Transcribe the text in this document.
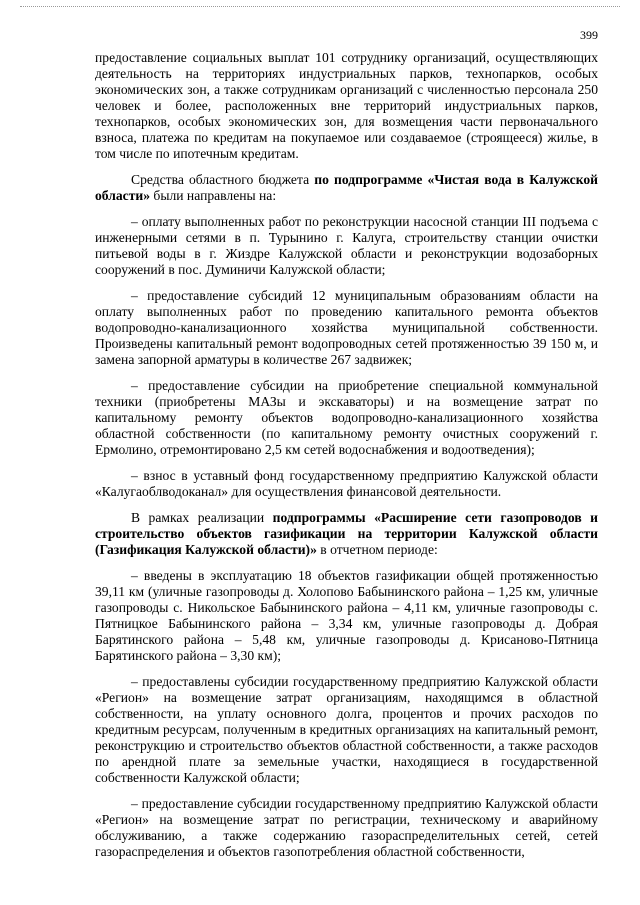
399

предоставление социальных выплат 101 сотруднику организаций, осуществляющих деятельность на территориях индустриальных парков, технопарков, особых экономических зон, а также сотрудникам организаций с численностью персонала 250 человек и более, расположенных вне территорий индустриальных парков, технопарков, особых экономических зон, для возмещения части первоначального взноса, платежа по кредитам на покупаемое или создаваемое (строящееся) жилье, в том числе по ипотечным кредитам.

Средства областного бюджета по подпрограмме «Чистая вода в Калужской области» были направлены на:

– оплату выполненных работ по реконструкции насосной станции III подъема с инженерными сетями в п. Турынино г. Калуга, строительству станции очистки питьевой воды в г. Жиздре Калужской области и реконструкции водозаборных сооружений в пос. Думиничи Калужской области;

– предоставление субсидий 12 муниципальным образованиям области на оплату выполненных работ по проведению капитального ремонта объектов водопроводно-канализационного хозяйства муниципальной собственности. Произведены капитальный ремонт водопроводных сетей протяженностью 39 150 м, и замена запорной арматуры в количестве 267 задвижек;

– предоставление субсидии на приобретение специальной коммунальной техники (приобретены МАЗы и экскаваторы) и на возмещение затрат по капитальному ремонту объектов водопроводно-канализационного хозяйства областной собственности (по капитальному ремонту очистных сооружений г. Ермолино, отремонтировано 2,5 км сетей водоснабжения и водоотведения);

– взнос в уставный фонд государственному предприятию Калужской области «Калугаоблводоканал» для осуществления финансовой деятельности.

В рамках реализации подпрограммы «Расширение сети газопроводов и строительство объектов газификации на территории Калужской области (Газификация Калужской области)» в отчетном периоде:

– введены в эксплуатацию 18 объектов газификации общей протяженностью 39,11 км (уличные газопроводы д. Холопово Бабынинского района – 1,25 км, уличные газопроводы с. Никольское Бабынинского района – 4,11 км, уличные газопроводы с. Пятницкое Бабынинского района – 3,34 км, уличные газопроводы д. Добрая Барятинского района – 5,48 км, уличные газопроводы д. Крисаново-Пятница Барятинского района – 3,30 км);

– предоставлены субсидии государственному предприятию Калужской области «Регион» на возмещение затрат организациям, находящимся в областной собственности, на уплату основного долга, процентов и прочих расходов по кредитным ресурсам, полученным в кредитных организациях на капитальный ремонт, реконструкцию и строительство объектов областной собственности, а также расходов по арендной плате за земельные участки, находящиеся в государственной собственности Калужской области;

– предоставление субсидии государственному предприятию Калужской области «Регион» на возмещение затрат по регистрации, техническому и аварийному обслуживанию, а также содержанию газораспределительных сетей, сетей газораспределения и объектов газопотребления областной собственности,
